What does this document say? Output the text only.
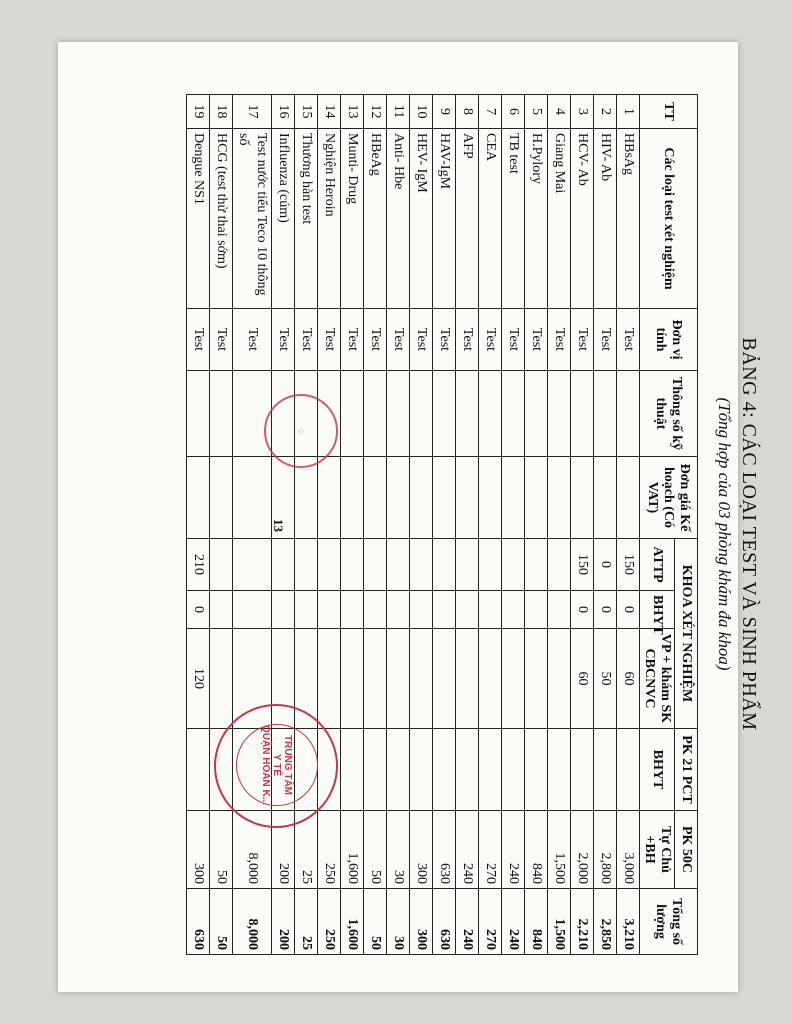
BẢNG 4: CÁC LOẠI TEST VÀ SINH PHẨM
(Tổng hợp của 03 phòng khám đa khoa)
TT	Các loại test xét nghiệm	Đơn vị tính	Thông số kỹ thuật	Đơn giá Kế hoạch (Có VAT)	KHOA XÉT NGHIỆM			PK 21 PCT	PK 50C	Tổng số lượng
					ATTP	BHYT	VP + khám SK CBCNVC	BHYT	Tự Chủ +BH	
1	HBsAg	Test			150	0	60		3,000	3,210
2	HIV- Ab	Test			0	0	50		2,800	2,850
3	HCV- Ab	Test			150	0	60		2,000	2,210
4	Giang Mai	Test							1,500	1,500
5	H.Pylory	Test							840	840
6	TB test	Test							240	240
7	CEA	Test							270	270
8	AFP	Test							240	240
9	HAV-IgM	Test							630	630
10	HEV- IgM	Test							300	300
11	Anti- Hbe	Test							30	30
12	HBeAg	Test							50	50
13	Munti- Drug	Test							1,600	1,600
14	Nghiện Heroin	Test							250	250
15	Thương hàn test	Test							25	25
16	Influenza (cúm)	Test							200	200
17	Test nước tiểu Teco 10 thông số	Test							8,000	8,000
18	HCG (test thử thai sớm)	Test							50	50
19	Dengue NS1	Test			210	0	120		300	630
13
◌
TRUNG TÂM
Y TẾ
QUẬN HOÀN K...
